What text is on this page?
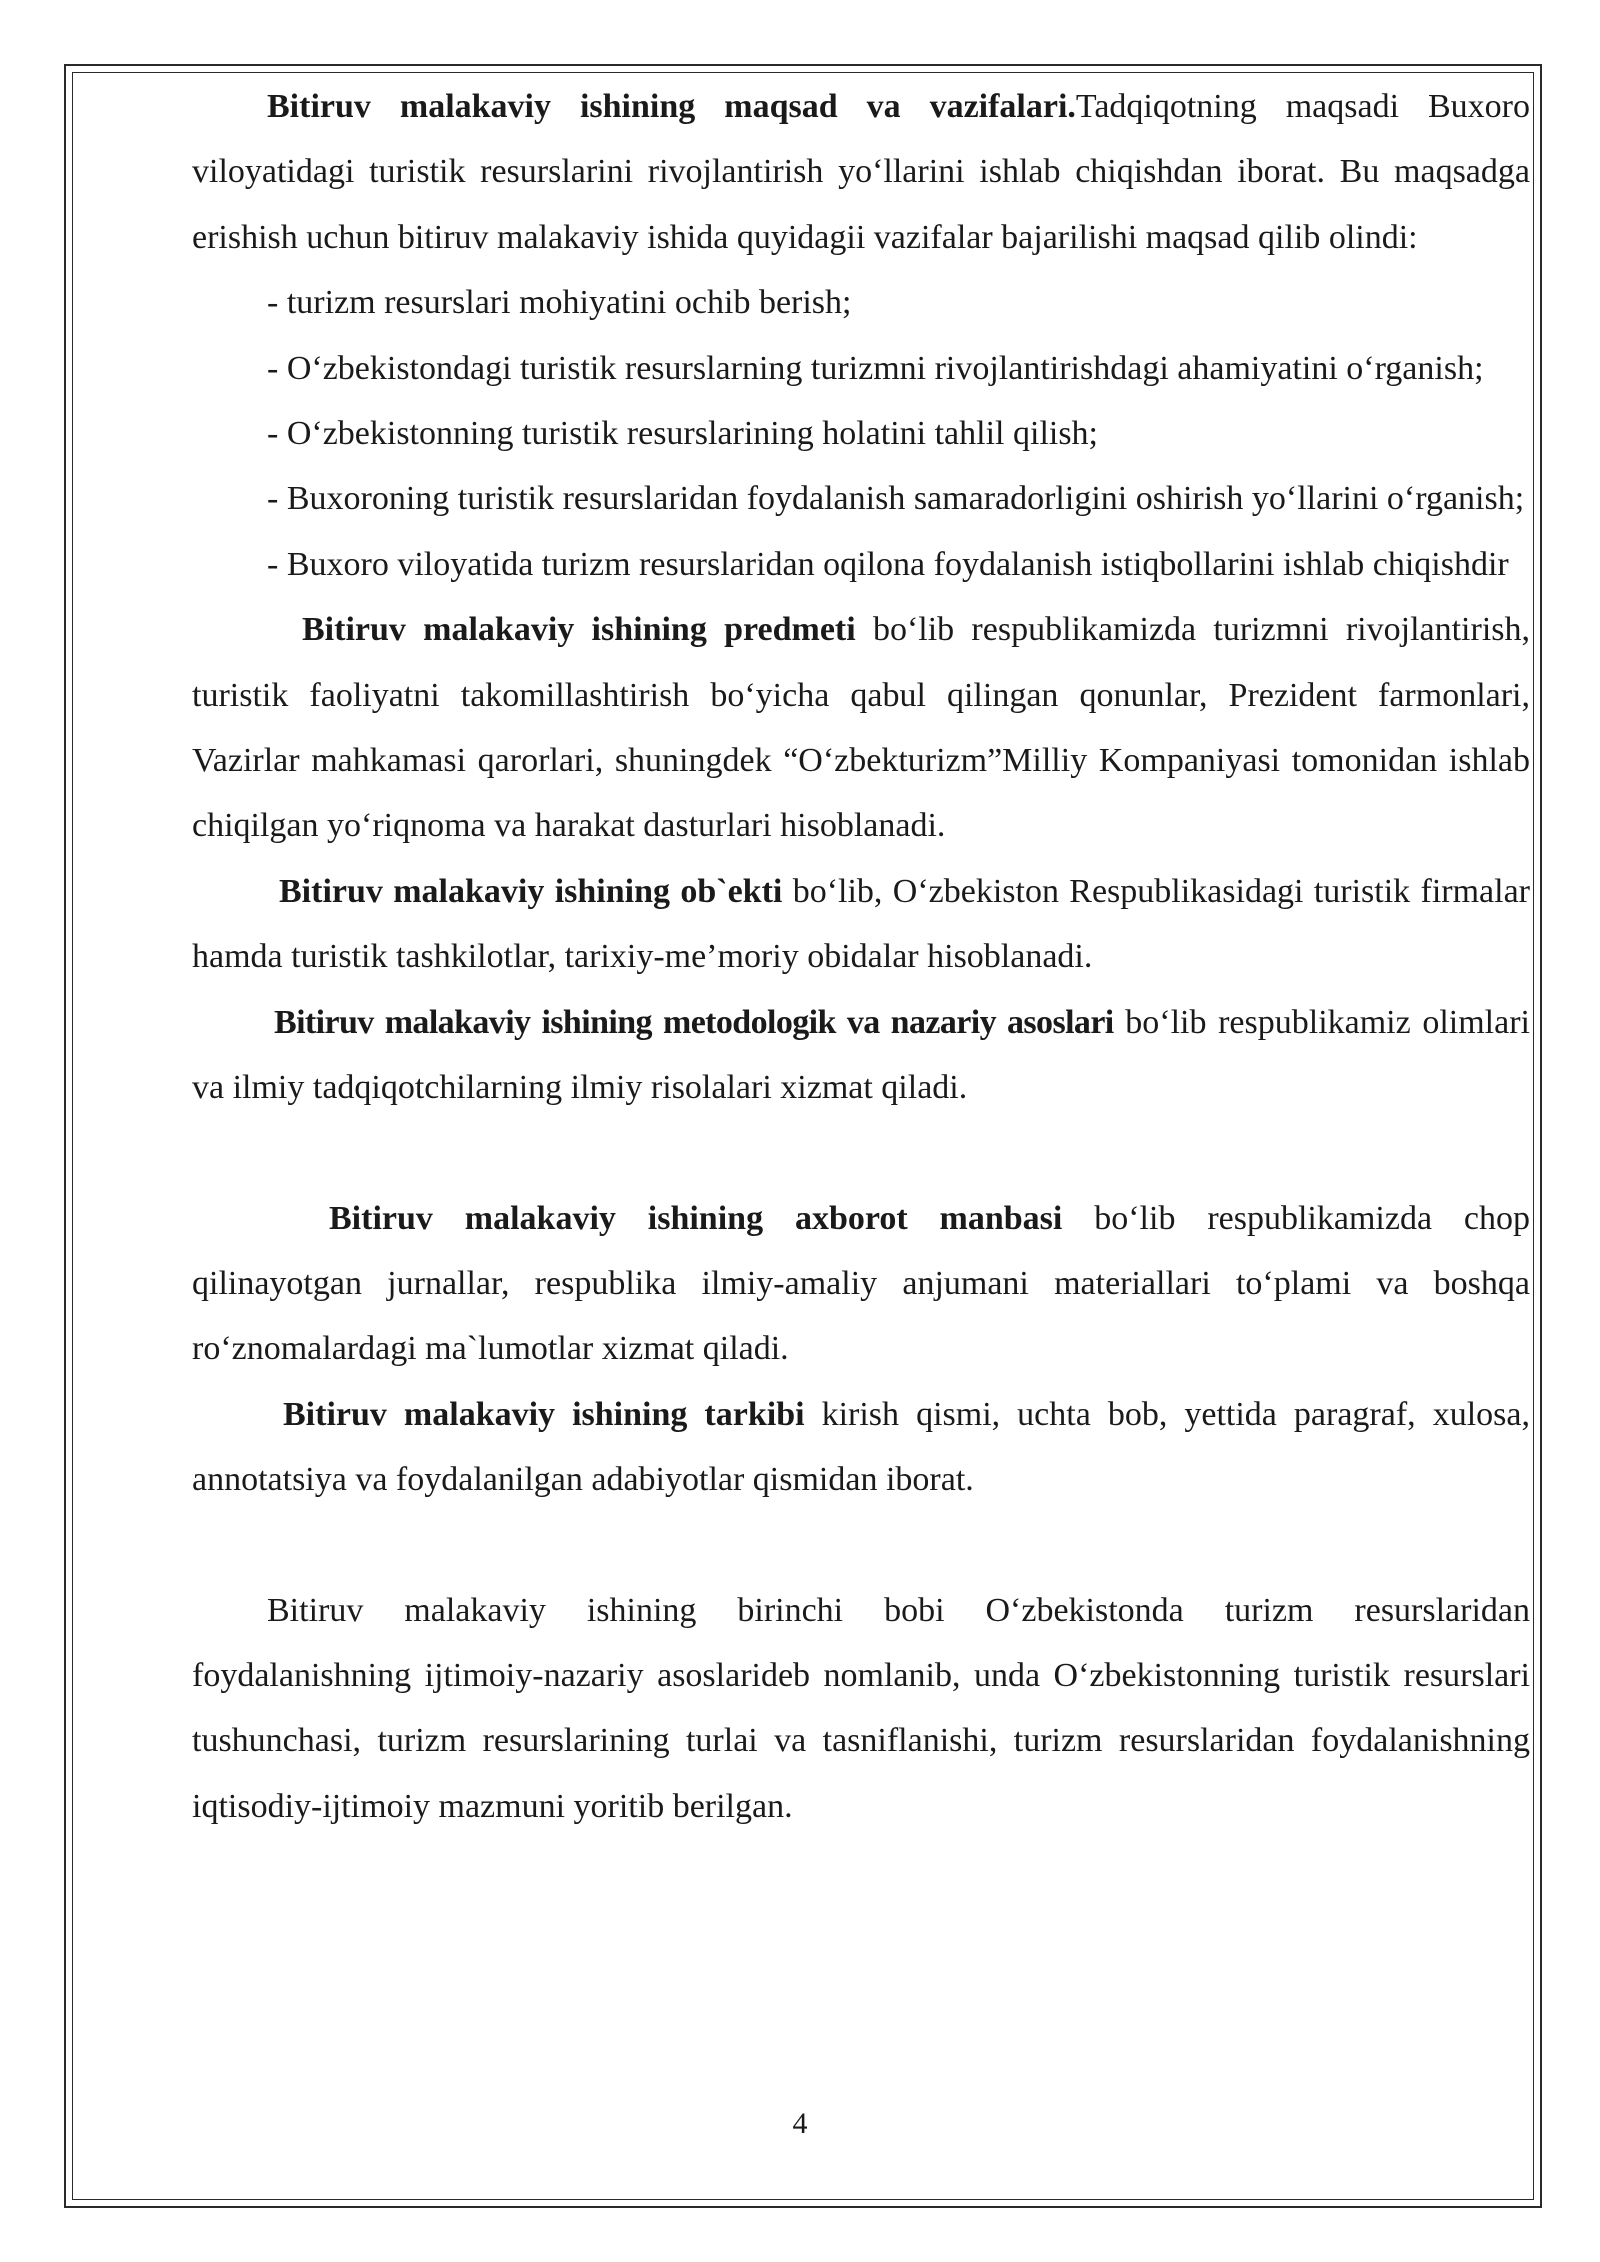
Bitiruv malakaviy ishining maqsad va vazifalari.Tadqiqotning maqsadi Buxoro viloyatidagi turistik resurslarini rivojlantirish yo‘llarini ishlab chiqishdan iborat. Bu maqsadga erishish uchun bitiruv malakaviy ishida quyidagii vazifalar bajarilishi maqsad qilib olindi:

- turizm resurslari mohiyatini ochib berish;

- O‘zbekistondagi turistik resurslarning turizmni rivojlantirishdagi ahamiyatini o‘rganish;

- O‘zbekistonning turistik resurslarining holatini tahlil qilish;

- Buxoroning turistik resurslaridan foydalanish samaradorligini oshirish yo‘llarini o‘rganish;

- Buxoro viloyatida turizm resurslaridan oqilona foydalanish istiqbollarini ishlab chiqishdir

Bitiruv malakaviy ishining predmeti bo‘lib respublikamizda turizmni rivojlantirish, turistik faoliyatni takomillashtirish bo‘yicha qabul qilingan qonunlar, Prezident farmonlari, Vazirlar mahkamasi qarorlari, shuningdek “O‘zbekturizm”Milliy Kompaniyasi tomonidan ishlab chiqilgan yo‘riqnoma va harakat dasturlari hisoblanadi.

Bitiruv malakaviy ishining ob`ekti bo‘lib, O‘zbekiston Respublikasidagi turistik firmalar hamda turistik tashkilotlar, tarixiy-me’moriy obidalar hisoblanadi.

Bitiruv malakaviy ishining metodologik va nazariy asoslari bo‘lib respublikamiz olimlari va ilmiy tadqiqotchilarning ilmiy risolalari xizmat qiladi.

Bitiruv malakaviy ishining axborot manbasi bo‘lib respublikamizda chop qilinayotgan jurnallar, respublika ilmiy-amaliy anjumani materiallari to‘plami va boshqa ro‘znomalardagi ma`lumotlar xizmat qiladi.

Bitiruv malakaviy ishining tarkibi kirish qismi, uchta bob, yettida paragraf, xulosa, annotatsiya va foydalanilgan adabiyotlar qismidan iborat.

Bitiruv malakaviy ishining birinchi bobi O‘zbekistonda turizm resurslaridan foydalanishning ijtimoiy-nazariy asoslarideb nomlanib, unda O‘zbekistonning turistik resurslari tushunchasi, turizm resurslarining turlai va tasniflanishi, turizm resurslaridan foydalanishning iqtisodiy-ijtimoiy mazmuni yoritib berilgan.

4
